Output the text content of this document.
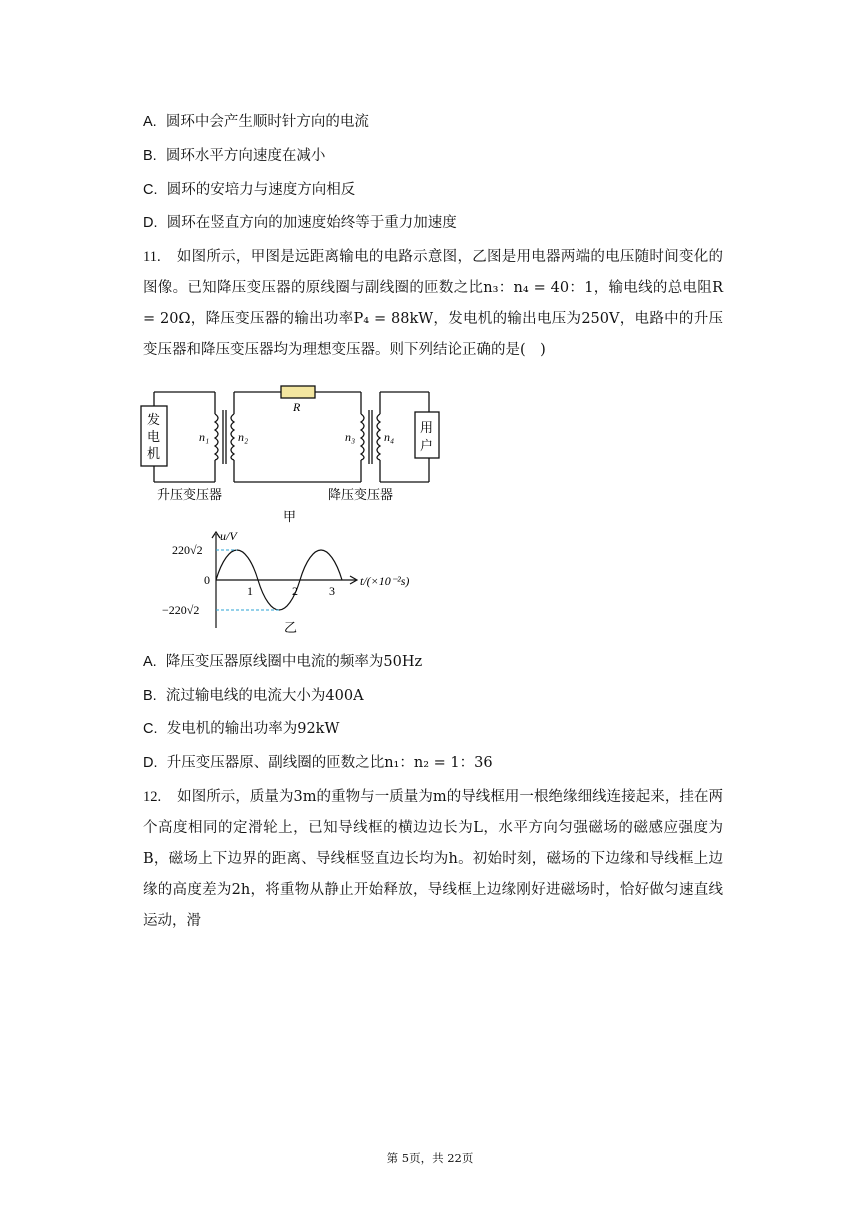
A. 圆环中会产生顺时针方向的电流
B. 圆环水平方向速度在减小
C. 圆环的安培力与速度方向相反
D. 圆环在竖直方向的加速度始终等于重力加速度
11. 如图所示，甲图是远距离输电的电路示意图，乙图是用电器两端的电压随时间变化的图像。已知降压变压器的原线圈与副线圈的匝数之比n₃：n₄ = 40：1，输电线的总电阻R = 20Ω，降压变压器的输出功率P₄ = 88kW，发电机的输出电压为250V，电路中的升压变压器和降压变压器均为理想变压器。则下列结论正确的是(　)
R
发
电
机
用
户
n₁ n₂	n₃ n₄
升压变压器	降压变压器
甲
u/V
t/(×10⁻²s)
220√2
0
−220√2
1	2	3
乙
A. 降压变压器原线圈中电流的频率为50Hz
B. 流过输电线的电流大小为400A
C. 发电机的输出功率为92kW
D. 升压变压器原、副线圈的匝数之比n₁：n₂ = 1：36
12. 如图所示，质量为3m的重物与一质量为m的导线框用一根绝缘细线连接起来，挂在两个高度相同的定滑轮上，已知导线框的横边边长为L，水平方向匀强磁场的磁感应强度为B，磁场上下边界的距离、导线框竖直边长均为h。初始时刻，磁场的下边缘和导线框上边缘的高度差为2h，将重物从静止开始释放，导线框上边缘刚好进磁场时，恰好做匀速直线运动，滑
第 5页，共 22页
